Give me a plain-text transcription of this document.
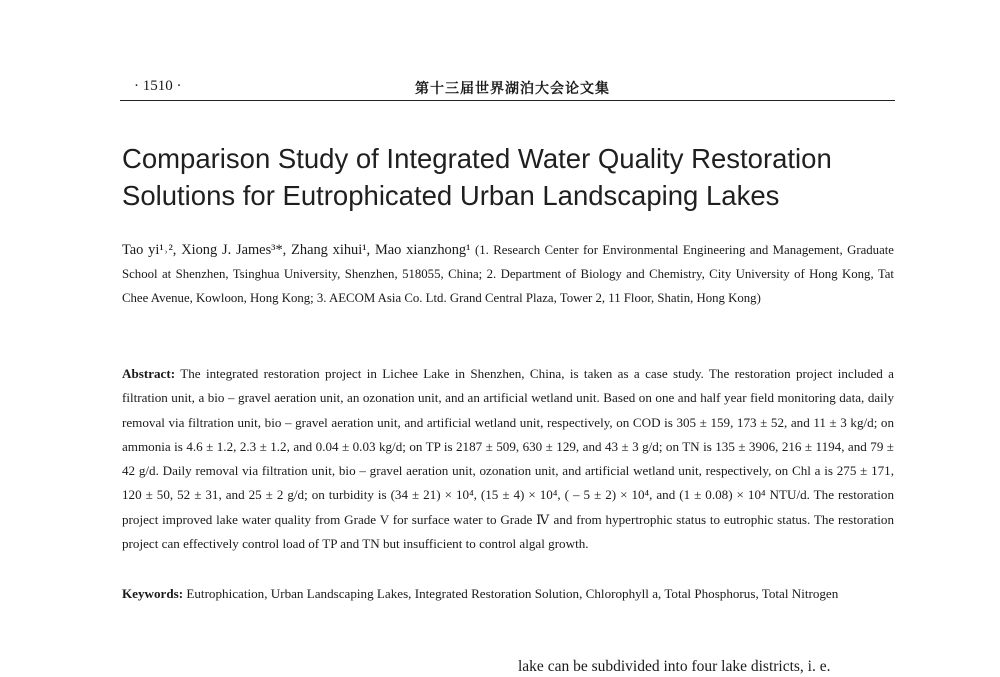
· 1510 ·	第十三届世界湖泊大会论文集
Comparison Study of Integrated Water Quality Restoration
Solutions for Eutrophicated Urban Landscaping Lakes
Tao yi¹˒², Xiong J. James³*, Zhang xihui¹, Mao xianzhong¹ (1. Research Center for Environmental Engineering and Management, Graduate School at Shenzhen, Tsinghua University, Shenzhen, 518055, China; 2. Department of Biology and Chemistry, City University of Hong Kong, Tat Chee Avenue, Kowloon, Hong Kong; 3. AECOM Asia Co. Ltd. Grand Central Plaza, Tower 2, 11 Floor, Shatin, Hong Kong)

Abstract: The integrated restoration project in Lichee Lake in Shenzhen, China, is taken as a case study. The restoration project included a filtration unit, a bio – gravel aeration unit, an ozonation unit, and an artificial wetland unit. Based on one and half year field monitoring data, daily removal via filtration unit, bio – gravel aeration unit, and artificial wetland unit, respectively, on COD is 305 ± 159, 173 ± 52, and 11 ± 3 kg/d; on ammonia is 4.6 ± 1.2, 2.3 ± 1.2, and 0.04 ± 0.03 kg/d; on TP is 2187 ± 509, 630 ± 129, and 43 ± 3 g/d; on TN is 135 ± 3906, 216 ± 1194, and 79 ± 42 g/d. Daily removal via filtration unit, bio – gravel aeration unit, ozonation unit, and artificial wetland unit, respectively, on Chl a is 275 ± 171, 120 ± 50, 52 ± 31, and 25 ± 2 g/d; on turbidity is (34 ± 21) × 10⁴, (15 ± 4) × 10⁴, ( – 5 ± 2) × 10⁴, and (1 ± 0.08) × 10⁴ NTU/d. The restoration project improved lake water quality from Grade V for surface water to Grade Ⅳ and from hypertrophic status to eutrophic status. The restoration project can effectively control load of TP and TN but insufficient to control algal growth.

Keywords: Eutrophication, Urban Landscaping Lakes, Integrated Restoration Solution, Chlorophyll a, Total Phosphorus, Total Nitrogen
lake can be subdivided into four lake districts, i. e.
